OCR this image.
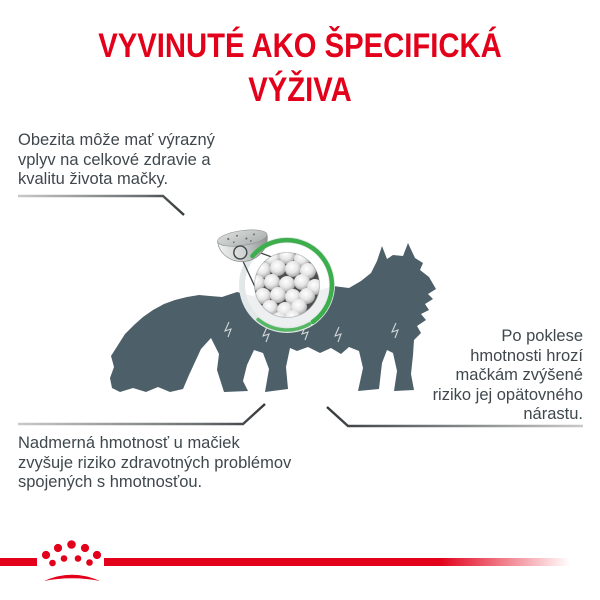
VYVINUTÉ AKO ŠPECIFICKÁ
VÝŽIVA
Obezita môže mať výrazný
vplyv na celkové zdravie a
kvalitu života mačky.
Po poklese
hmotnosti hrozí
mačkám zvýšené
riziko jej opätovného
nárastu.
Nadmerná hmotnosť u mačiek
zvyšuje riziko zdravotných problémov
spojených s hmotnosťou.
